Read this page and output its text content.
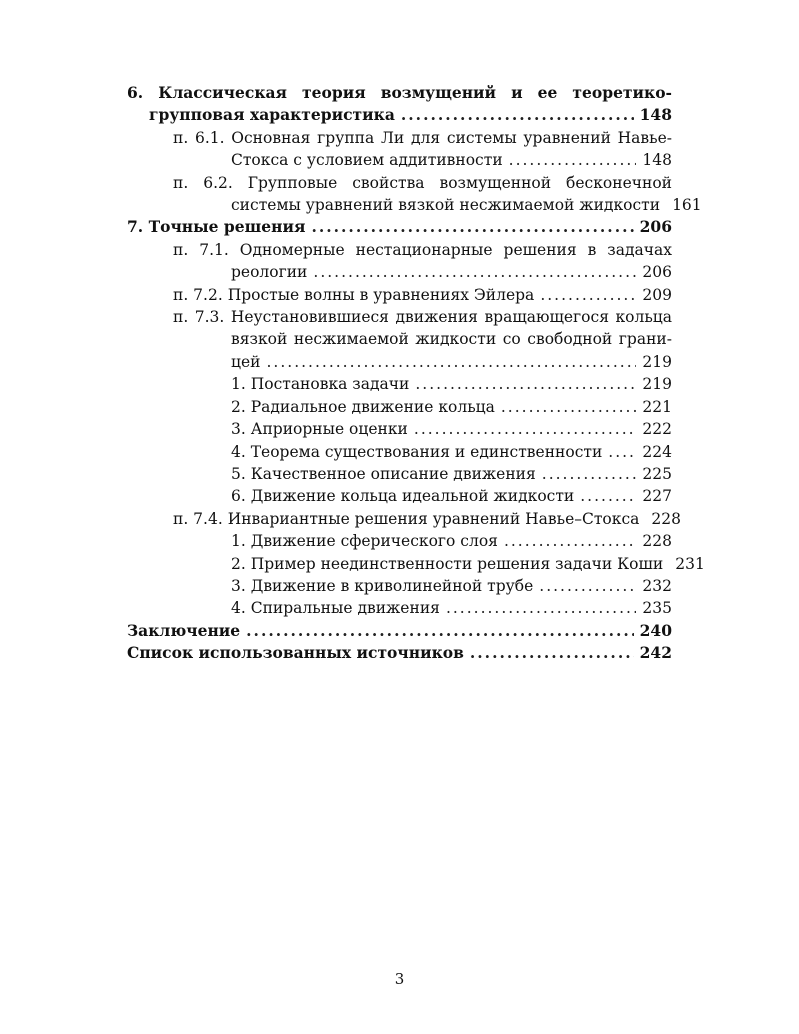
6. Классическая теория возмущений и ее теоретико-
групповая характеристика .....	148
п. 6.1. Основная группа Ли для системы уравнений Навье-
Стокса с условием аддитивности .....	148
п. 6.2. Групповые свойства возмущенной бесконечной
системы уравнений вязкой несжимаемой жидкости 161
7. Точные решения .....	206
п. 7.1. Одномерные нестационарные решения в задачах
реологии .....	206
п. 7.2. Простые волны в уравнениях Эйлера .....	209
п. 7.3. Неустановившиеся движения вращающегося кольца
вязкой несжимаемой жидкости со свободной грани-
цей .....	219
1. Постановка задачи .....	219
2. Радиальное движение кольца .....	221
3. Априорные оценки .....	222
4. Теорема существования и единственности .....	224
5. Качественное описание движения .....	225
6. Движение кольца идеальной жидкости .....	227
п. 7.4. Инвариантные решения уравнений Навье–Стокса 228
1. Движение сферического слоя .....	228
2. Пример неединственности решения задачи Коши 231
3. Движение в криволинейной трубе .....	232
4. Спиральные движения .....	235
Заключение .....	240
Список использованных источников .....	242
3
